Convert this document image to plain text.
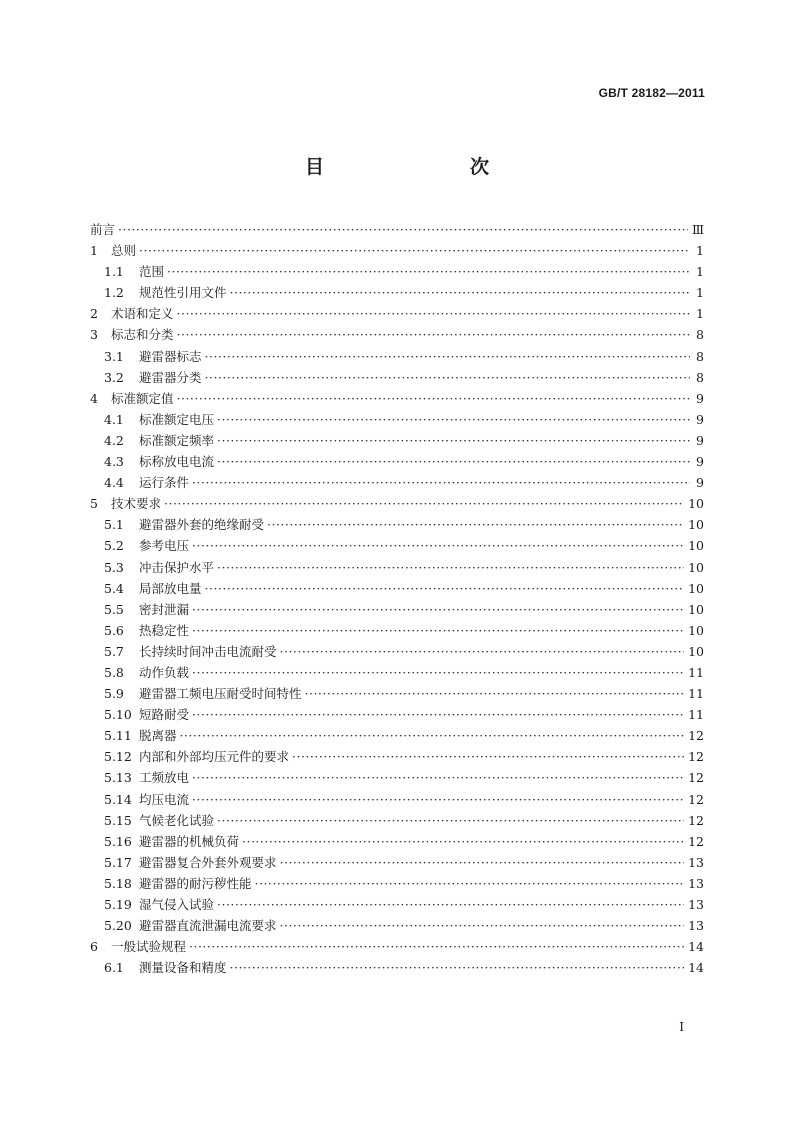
GB/T 28182—2011
目　　次
前言 ·····	Ⅲ
1	总则 ·····	1
1.1	范围 ·····	1
1.2	规范性引用文件 ·····	1
2	术语和定义 ·····	1
3	标志和分类 ·····	8
3.1	避雷器标志 ·····	8
3.2	避雷器分类 ·····	8
4	标准额定值 ·····	9
4.1	标准额定电压 ·····	9
4.2	标准额定频率 ·····	9
4.3	标称放电电流 ·····	9
4.4	运行条件 ·····	9
5	技术要求 ·····	10
5.1	避雷器外套的绝缘耐受 ·····	10
5.2	参考电压 ·····	10
5.3	冲击保护水平 ·····	10
5.4	局部放电量 ·····	10
5.5	密封泄漏 ·····	10
5.6	热稳定性 ·····	10
5.7	长持续时间冲击电流耐受 ·····	10
5.8	动作负载 ·····	11
5.9	避雷器工频电压耐受时间特性 ·····	11
5.10 短路耐受 ·····	11
5.11 脱离器 ·····	12
5.12 内部和外部均压元件的要求 ·····	12
5.13 工频放电 ·····	12
5.14 均压电流 ·····	12
5.15 气候老化试验 ·····	12
5.16 避雷器的机械负荷 ·····	12
5.17 避雷器复合外套外观要求 ·····	13
5.18 避雷器的耐污秽性能 ·····	13
5.19 湿气侵入试验 ·····	13
5.20 避雷器直流泄漏电流要求 ·····	13
6	一般试验规程 ·····	14
6.1	测量设备和精度 ·····	14
Ⅰ
